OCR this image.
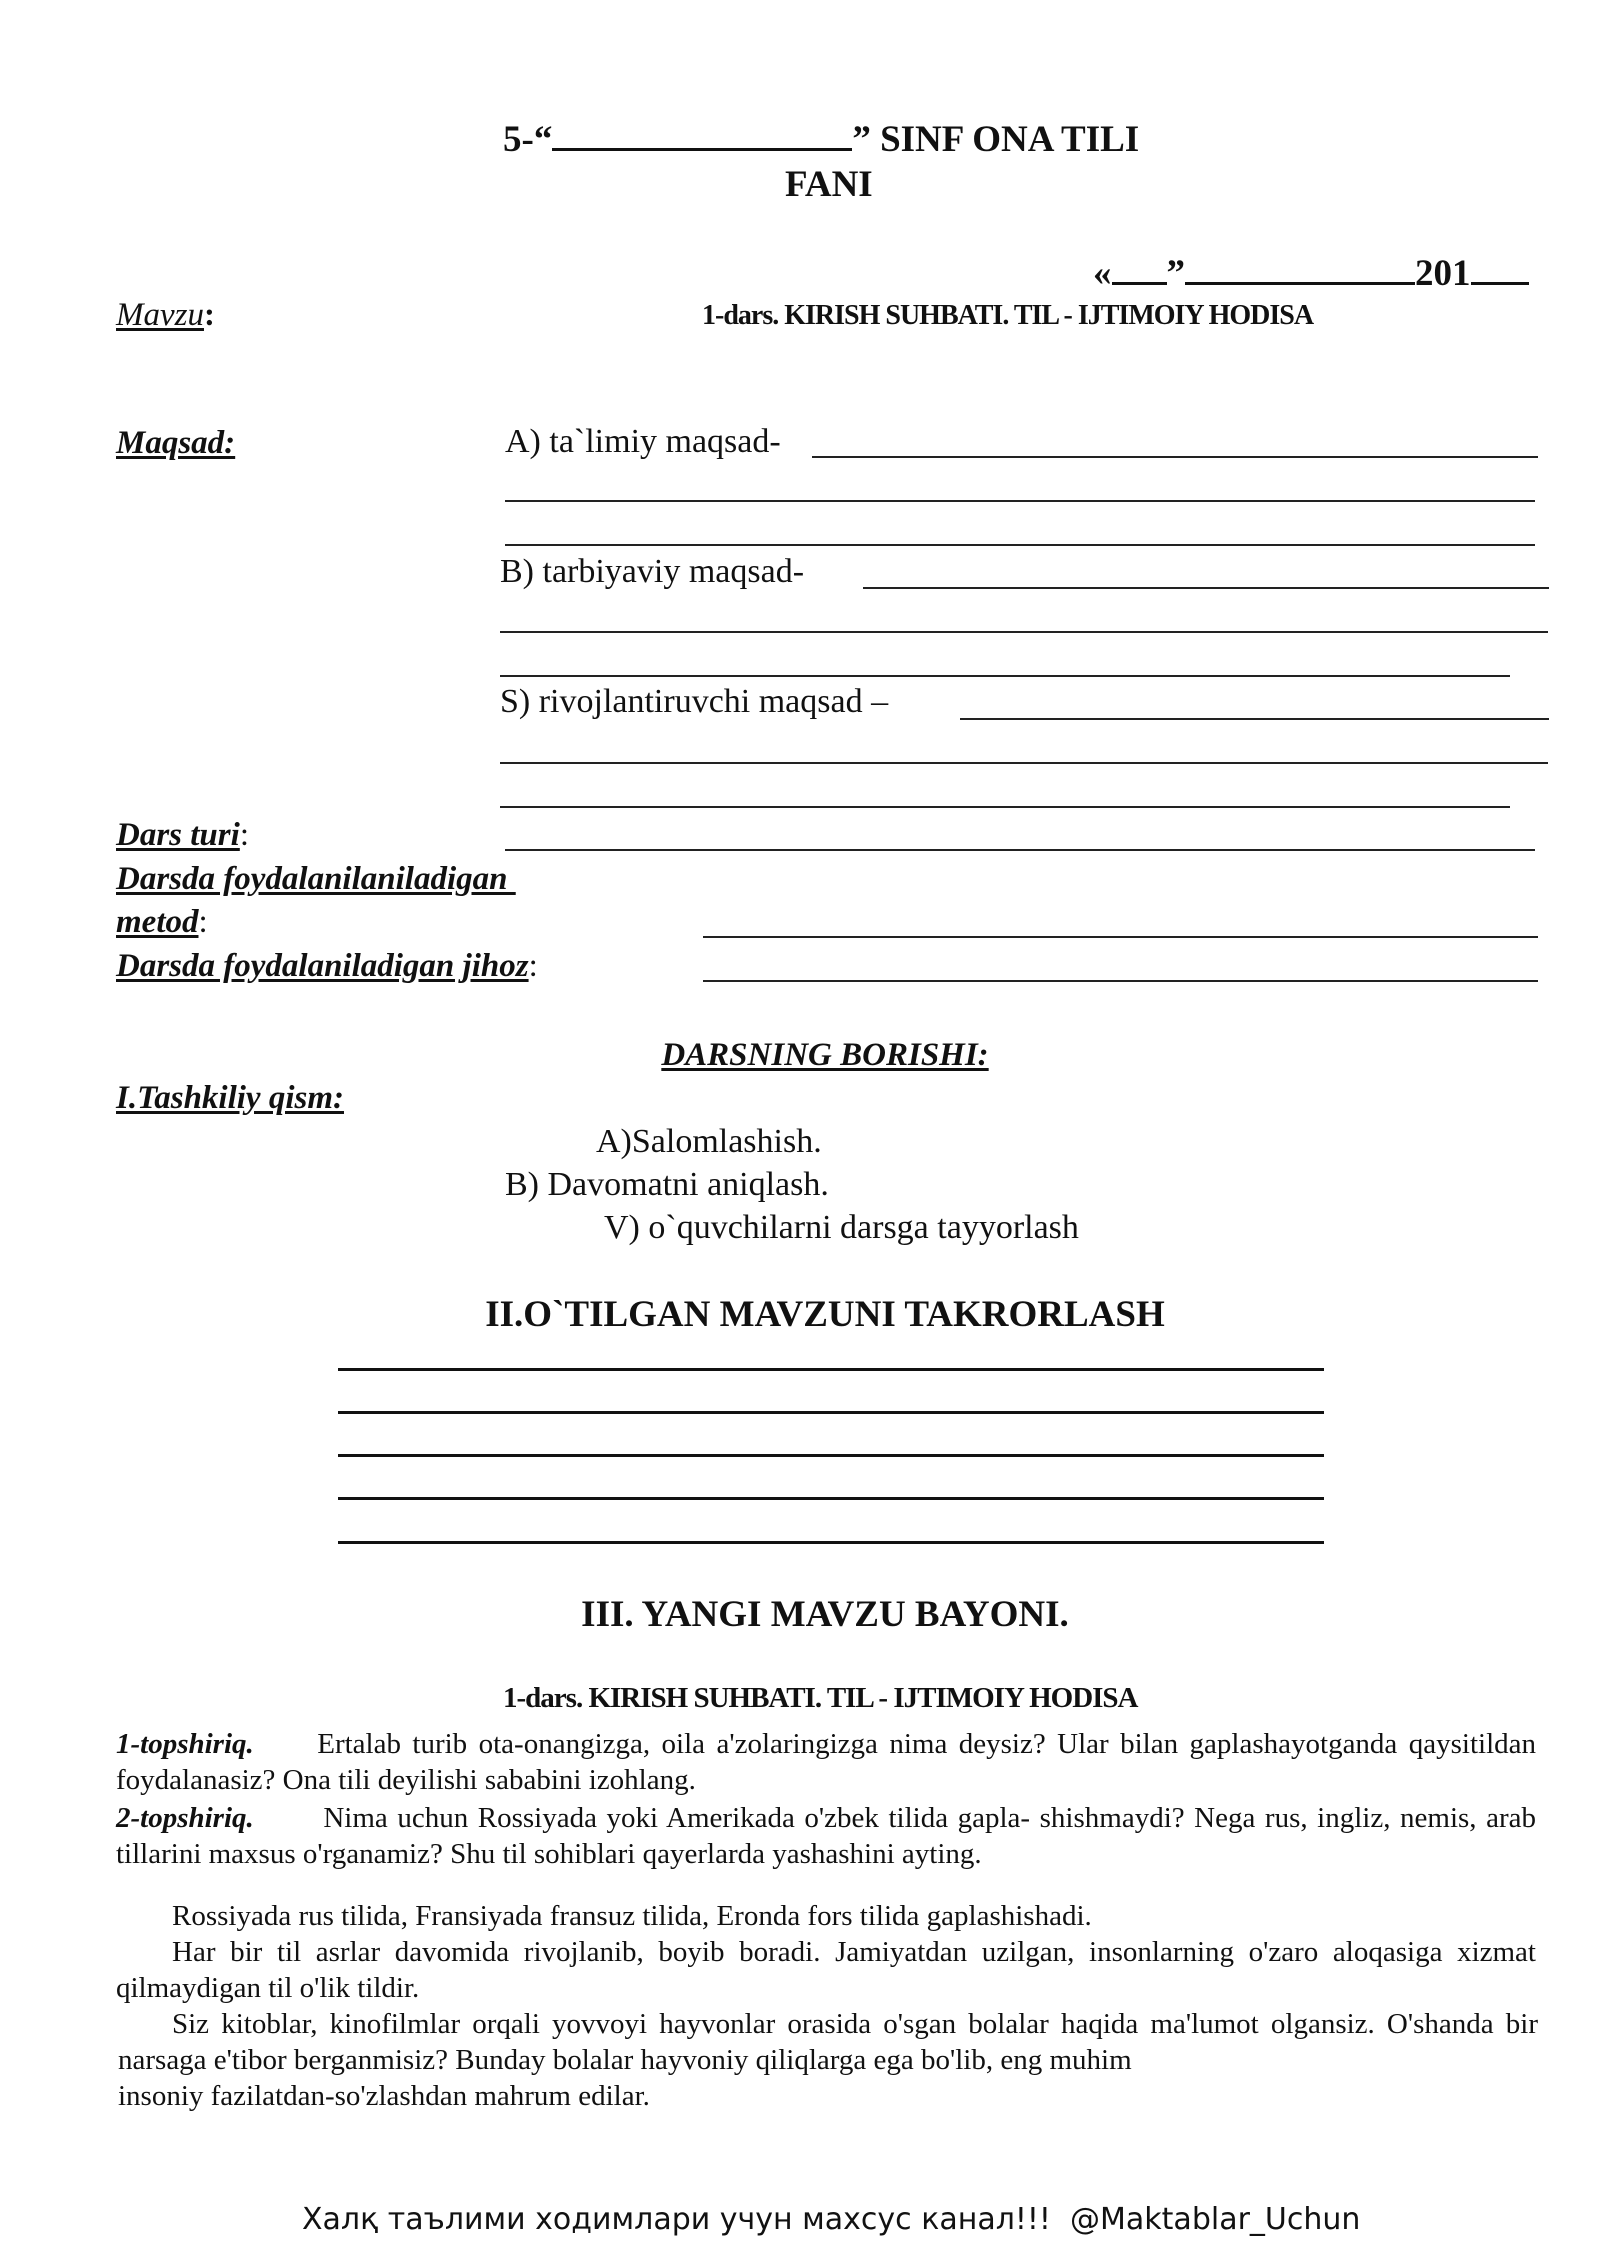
5-“	” SINF ONA TILI
FANI
« ”	201
Mavzu:	1-dars. KIRISH SUHBATI. TIL - IJTIMOIY HODISA
Maqsad:	A) ta`limiy maqsad-
B) tarbiyaviy maqsad-
S) rivojlantiruvchi maqsad –
Dars turi:
Darsda foydalanilaniladigan
metod:
Darsda foydalaniladigan jihoz:
DARSNING BORISHI:
I.Tashkiliy qism:
A)Salomlashish.
B) Davomatni aniqlash.
V) o`quvchilarni darsga tayyorlash
II.O`TILGAN MAVZUNI TAKRORLASH
III. YANGI MAVZU BAYONI.
1-dars. KIRISH SUHBATI. TIL - IJTIMOIY HODISA
1-topshiriq. Ertalab turib ota-onangizga, oila a'zolaringizga nima deysiz? Ular bilan gaplashayotganda qaysitildan foydalanasiz? Ona tili deyilishi sababini izohlang.
2-topshiriq. Nima uchun Rossiyada yoki Amerikada o'zbek tilida gapla- shishmaydi? Nega rus, ingliz, nemis, arab tillarini maxsus o'rganamiz? Shu til sohiblari qayerlarda yashashini ayting.
Rossiyada rus tilida, Fransiyada fransuz tilida, Eronda fors tilida gaplashishadi.
Har bir til asrlar davomida rivojlanib, boyib boradi. Jamiyatdan uzilgan, insonlarning o'zaro aloqasiga xizmat qilmaydigan til o'lik tildir.
Siz kitoblar, kinofilmlar orqali yovvoyi hayvonlar orasida o'sgan bolalar haqida ma'lumot olgansiz. O'shanda bir narsaga e'tibor berganmisiz? Bunday bolalar hayvoniy qiliqlarga ega bo'lib, eng muhim
insoniy fazilatdan-so'zlashdan mahrum edilar.
Халқ таълими ходимлари учун махсус канал!!!  @Maktablar_Uchun
